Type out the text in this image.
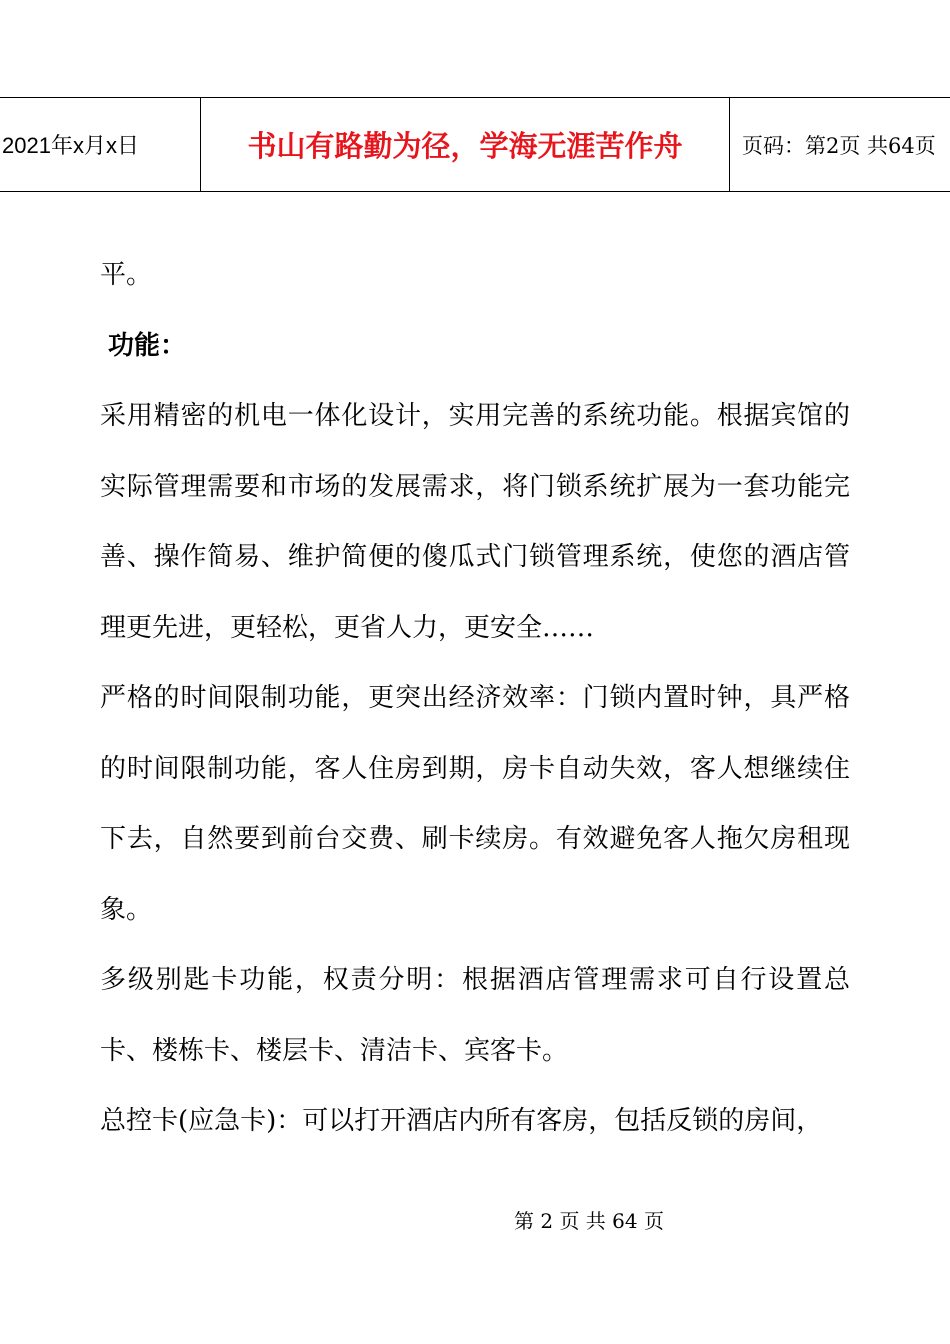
2021年x月x日	书山有路勤为径，学海无涯苦作舟	页码：第2页 共64页

平。

功能：

采用精密的机电一体化设计，实用完善的系统功能。根据宾馆的实际管理需要和市场的发展需求，将门锁系统扩展为一套功能完善、操作简易、维护简便的傻瓜式门锁管理系统，使您的酒店管理更先进，更轻松，更省人力，更安全……

严格的时间限制功能，更突出经济效率：门锁内置时钟，具严格的时间限制功能，客人住房到期，房卡自动失效，客人想继续住下去，自然要到前台交费、刷卡续房。有效避免客人拖欠房租现象。

多级别匙卡功能，权责分明：根据酒店管理需求可自行设置总卡、楼栋卡、楼层卡、清洁卡、宾客卡。

总控卡(应急卡)：可以打开酒店内所有客房，包括反锁的房间，

第 2 页 共 64 页
